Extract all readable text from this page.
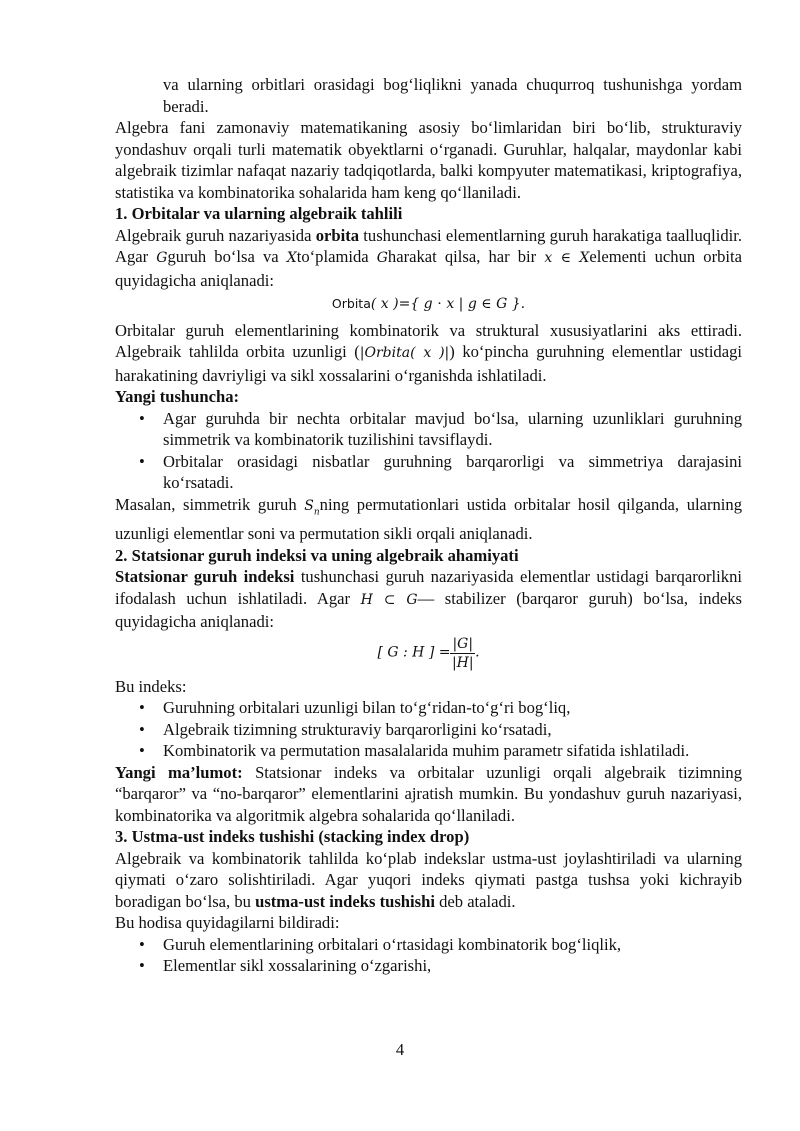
va ularning orbitlari orasidagi bog‘liqlikni yanada chuqurroq tushunishga yordam beradi.

Algebra fani zamonaviy matematikaning asosiy bo‘limlaridan biri bo‘lib, strukturaviy yondashuv orqali turli matematik obyektlarni o‘rganadi. Guruhlar, halqalar, maydonlar kabi algebraik tizimlar nafaqat nazariy tadqiqotlarda, balki kompyuter matematikasi, kriptografiya, statistika va kombinatorika sohalarida ham keng qo‘llaniladi.

1. Orbitalar va ularning algebraik tahlili

Algebraik guruh nazariyasida orbita tushunchasi elementlarning guruh harakatiga taalluqlidir. Agar Gguruh bo‘lsa va Xto‘plamida Gharakat qilsa, har bir x ∈ Xelementi uchun orbita quyidagicha aniqlanadi:

Orbita( x )={ g ⋅ x | g ∈ G }.

Orbitalar guruh elementlarining kombinatorik va struktural xususiyatlarini aks ettiradi. Algebraik tahlilda orbita uzunligi (|Orbita( x )|) ko‘pincha guruhning elementlar ustidagi harakatining davriyligi va sikl xossalarini o‘rganishda ishlatiladi.

Yangi tushuncha:

• Agar guruhda bir nechta orbitalar mavjud bo‘lsa, ularning uzunliklari guruhning simmetrik va kombinatorik tuzilishini tavsiflaydi.
• Orbitalar orasidagi nisbatlar guruhning barqarorligi va simmetriya darajasini ko‘rsatadi.

Masalan, simmetrik guruh $S_nning$ permutationlari ustida orbitalar hosil qilganda, ularning uzunligi elementlar soni va permutation sikli orqali aniqlanadi.

2. Statsionar guruh indeksi va uning algebraik ahamiyati

Statsionar guruh indeksi tushunchasi guruh nazariyasida elementlar ustidagi barqarorlikni ifodalash uchun ishlatiladi. Agar H ⊂ G— stabilizer (barqaror guruh) bo‘lsa, indeks quyidagicha aniqlanadi:

[ G : H ] = $\frac{|G|}{|H|}$ .

Bu indeks:

• Guruhning orbitalari uzunligi bilan to‘g‘ridan-to‘g‘ri bog‘liq,
• Algebraik tizimning strukturaviy barqarorligini ko‘rsatadi,
• Kombinatorik va permutation masalalarida muhim parametr sifatida ishlatiladi.

Yangi ma’lumot: Statsionar indeks va orbitalar uzunligi orqali algebraik tizimning “barqaror” va “no-barqaror” elementlarini ajratish mumkin. Bu yondashuv guruh nazariyasi, kombinatorika va algoritmik algebra sohalarida qo‘llaniladi.

3. Ustma-ust indeks tushishi (stacking index drop)

Algebraik va kombinatorik tahlilda ko‘plab indekslar ustma-ust joylashtiriladi va ularning qiymati o‘zaro solishtiriladi. Agar yuqori indeks qiymati pastga tushsa yoki kichrayib boradigan bo‘lsa, bu ustma-ust indeks tushishi deb ataladi.

Bu hodisa quyidagilarni bildiradi:

• Guruh elementlarining orbitalari o‘rtasidagi kombinatorik bog‘liqlik,
• Elementlar sikl xossalarining o‘zgarishi,
4
